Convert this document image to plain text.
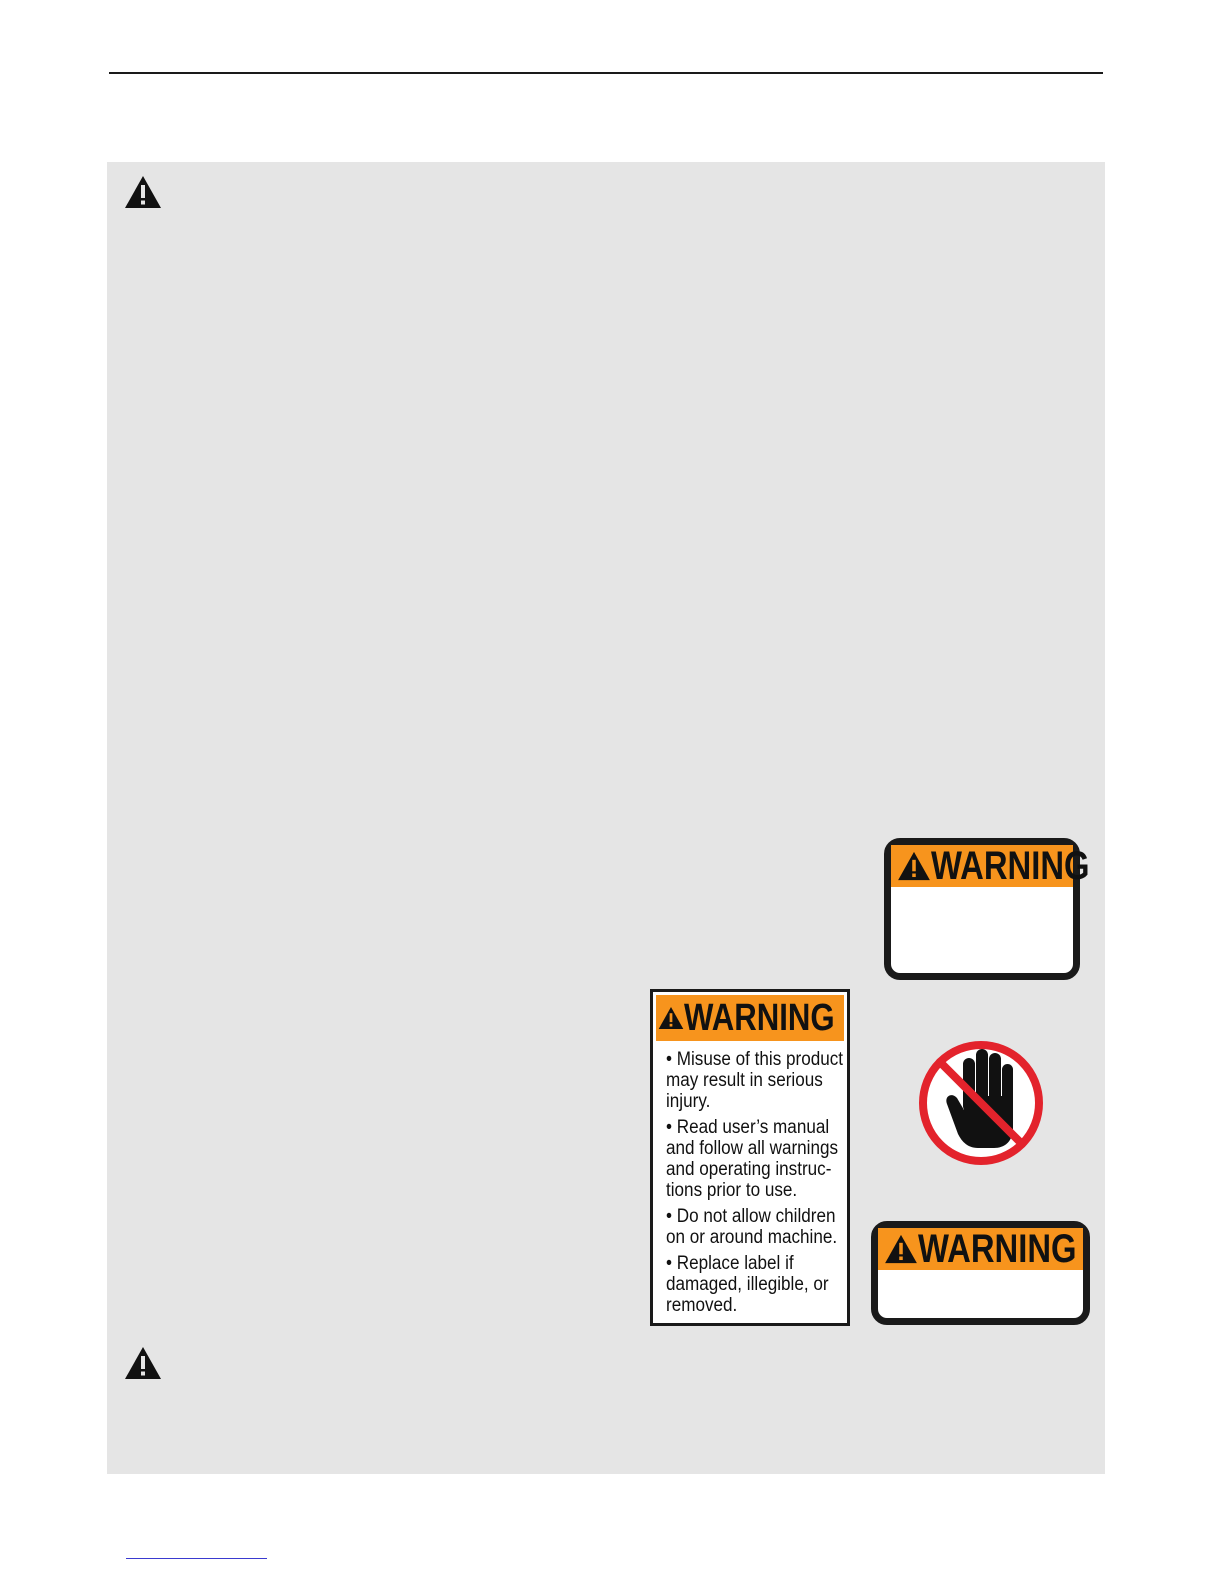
WARNING
WARNING
• Misuse of this product may result in serious injury.
• Read user’s manual and follow all warnings and operating instruc-tions prior to use.
• Do not allow children on or around machine.
• Replace label if damaged, illegible, or removed.
WARNING
